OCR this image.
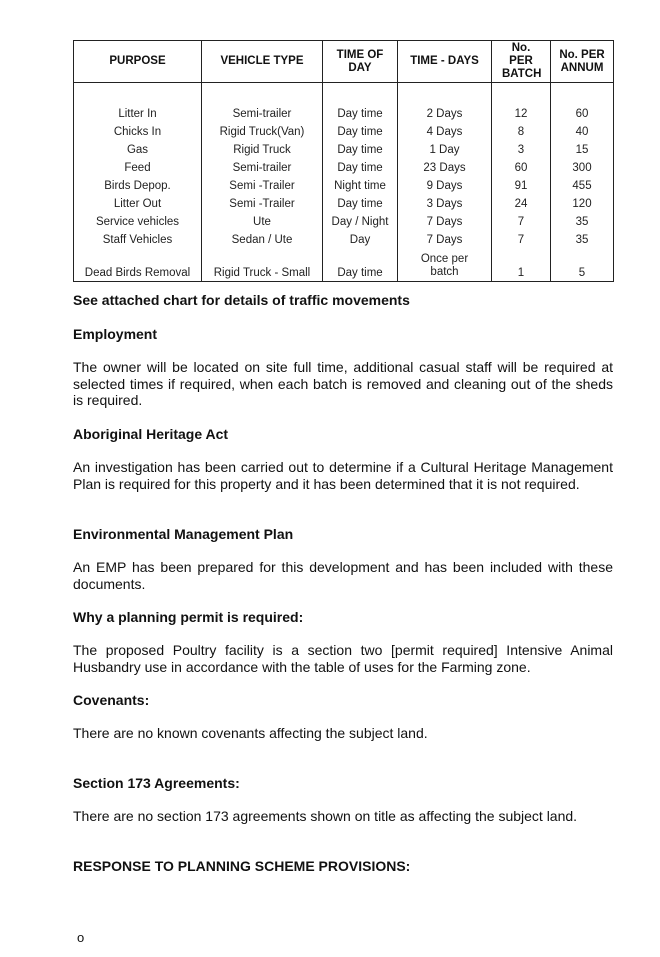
PURPOSE	VEHICLE TYPE	TIME OF DAY	TIME - DAYS	No. PER BATCH	No. PER ANNUM

Litter In	Semi-trailer	Day time	2 Days	12	60
Chicks In	Rigid Truck(Van)	Day time	4 Days	8	40
Gas	Rigid Truck	Day time	1 Day	3	15
Feed	Semi-trailer	Day time	23 Days	60	300
Birds Depop.	Semi -Trailer	Night time	9 Days	91	455
Litter Out	Semi -Trailer	Day time	3 Days	24	120
Service vehicles	Ute	Day / Night	7 Days	7	35
Staff Vehicles	Sedan / Ute	Day	7 Days	7	35
Dead Birds Removal	Rigid Truck - Small	Day time	Once per batch	1	5

See attached chart for details of traffic movements

Employment

The owner will be located on site full time, additional casual staff will be required at selected times if required, when each batch is removed and cleaning out of the sheds is required.

Aboriginal Heritage Act

An investigation has been carried out to determine if a Cultural Heritage Management Plan is required for this property and it has been determined that it is not required.

Environmental Management Plan

An EMP has been prepared for this development and has been included with these documents.

Why a planning permit is required:

The proposed Poultry facility is a section two [permit required] Intensive Animal Husbandry use in accordance with the table of uses for the Farming zone.

Covenants:

There are no known covenants affecting the subject land.

Section 173 Agreements:

There are no section 173 agreements shown on title as affecting the subject land.

RESPONSE TO PLANNING SCHEME PROVISIONS:

o
